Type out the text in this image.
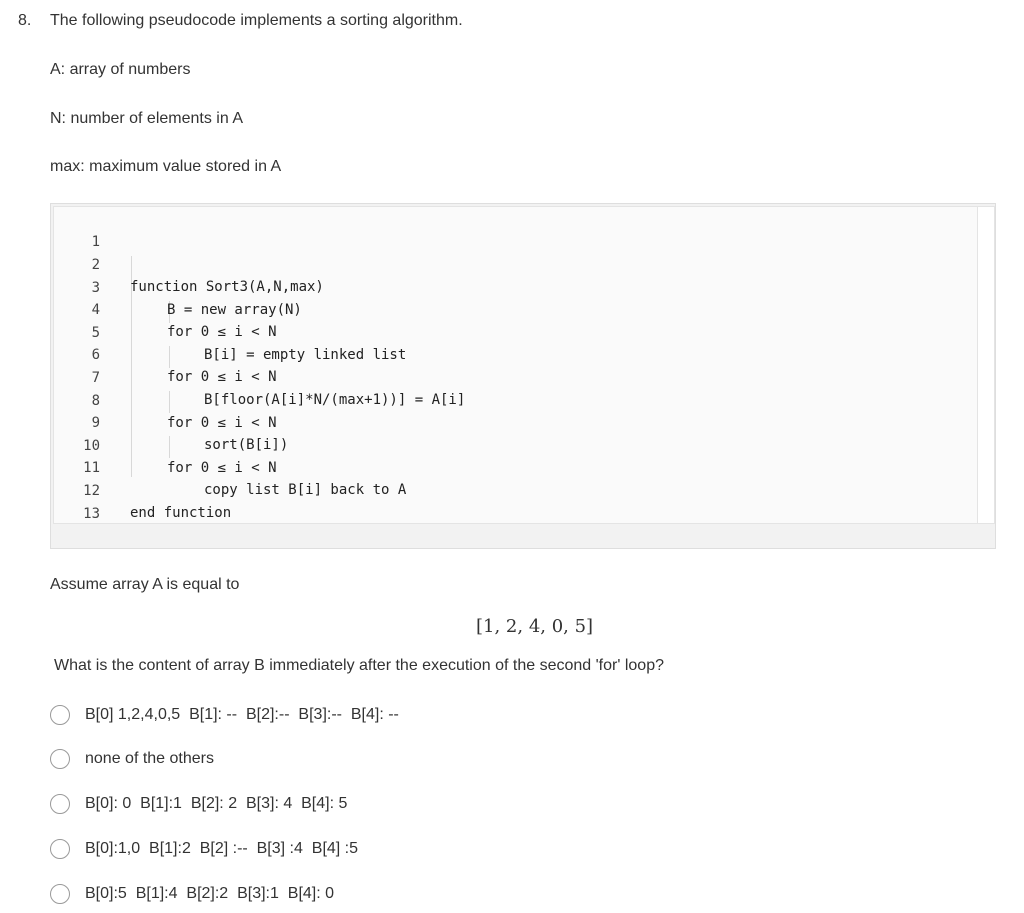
8. The following pseudocode implements a sorting algorithm.
A: array of numbers
N: number of elements in A
max: maximum value stored in A

1

2

function Sort3(A,N,max)

3

B = new array(N)

4

for 0 ≤ i < N

5

B[i] = empty linked list

6

for 0 ≤ i < N

7

B[floor(A[i]*N/(max+1))] = A[i]

8

for 0 ≤ i < N

9

sort(B[i])

10

for 0 ≤ i < N

11

copy list B[i] back to A

12

end function

13

Assume array A is equal to
[1, 2, 4, 0, 5]
What is the content of array B immediately after the execution of the second 'for' loop?
B[0] 1,2,4,0,5  B[1]: --  B[2]:--  B[3]:--  B[4]: --
none of the others
B[0]: 0  B[1]:1  B[2]: 2  B[3]: 4  B[4]: 5
B[0]:1,0  B[1]:2  B[2] :--  B[3] :4  B[4] :5
B[0]:5  B[1]:4  B[2]:2  B[3]:1  B[4]: 0
